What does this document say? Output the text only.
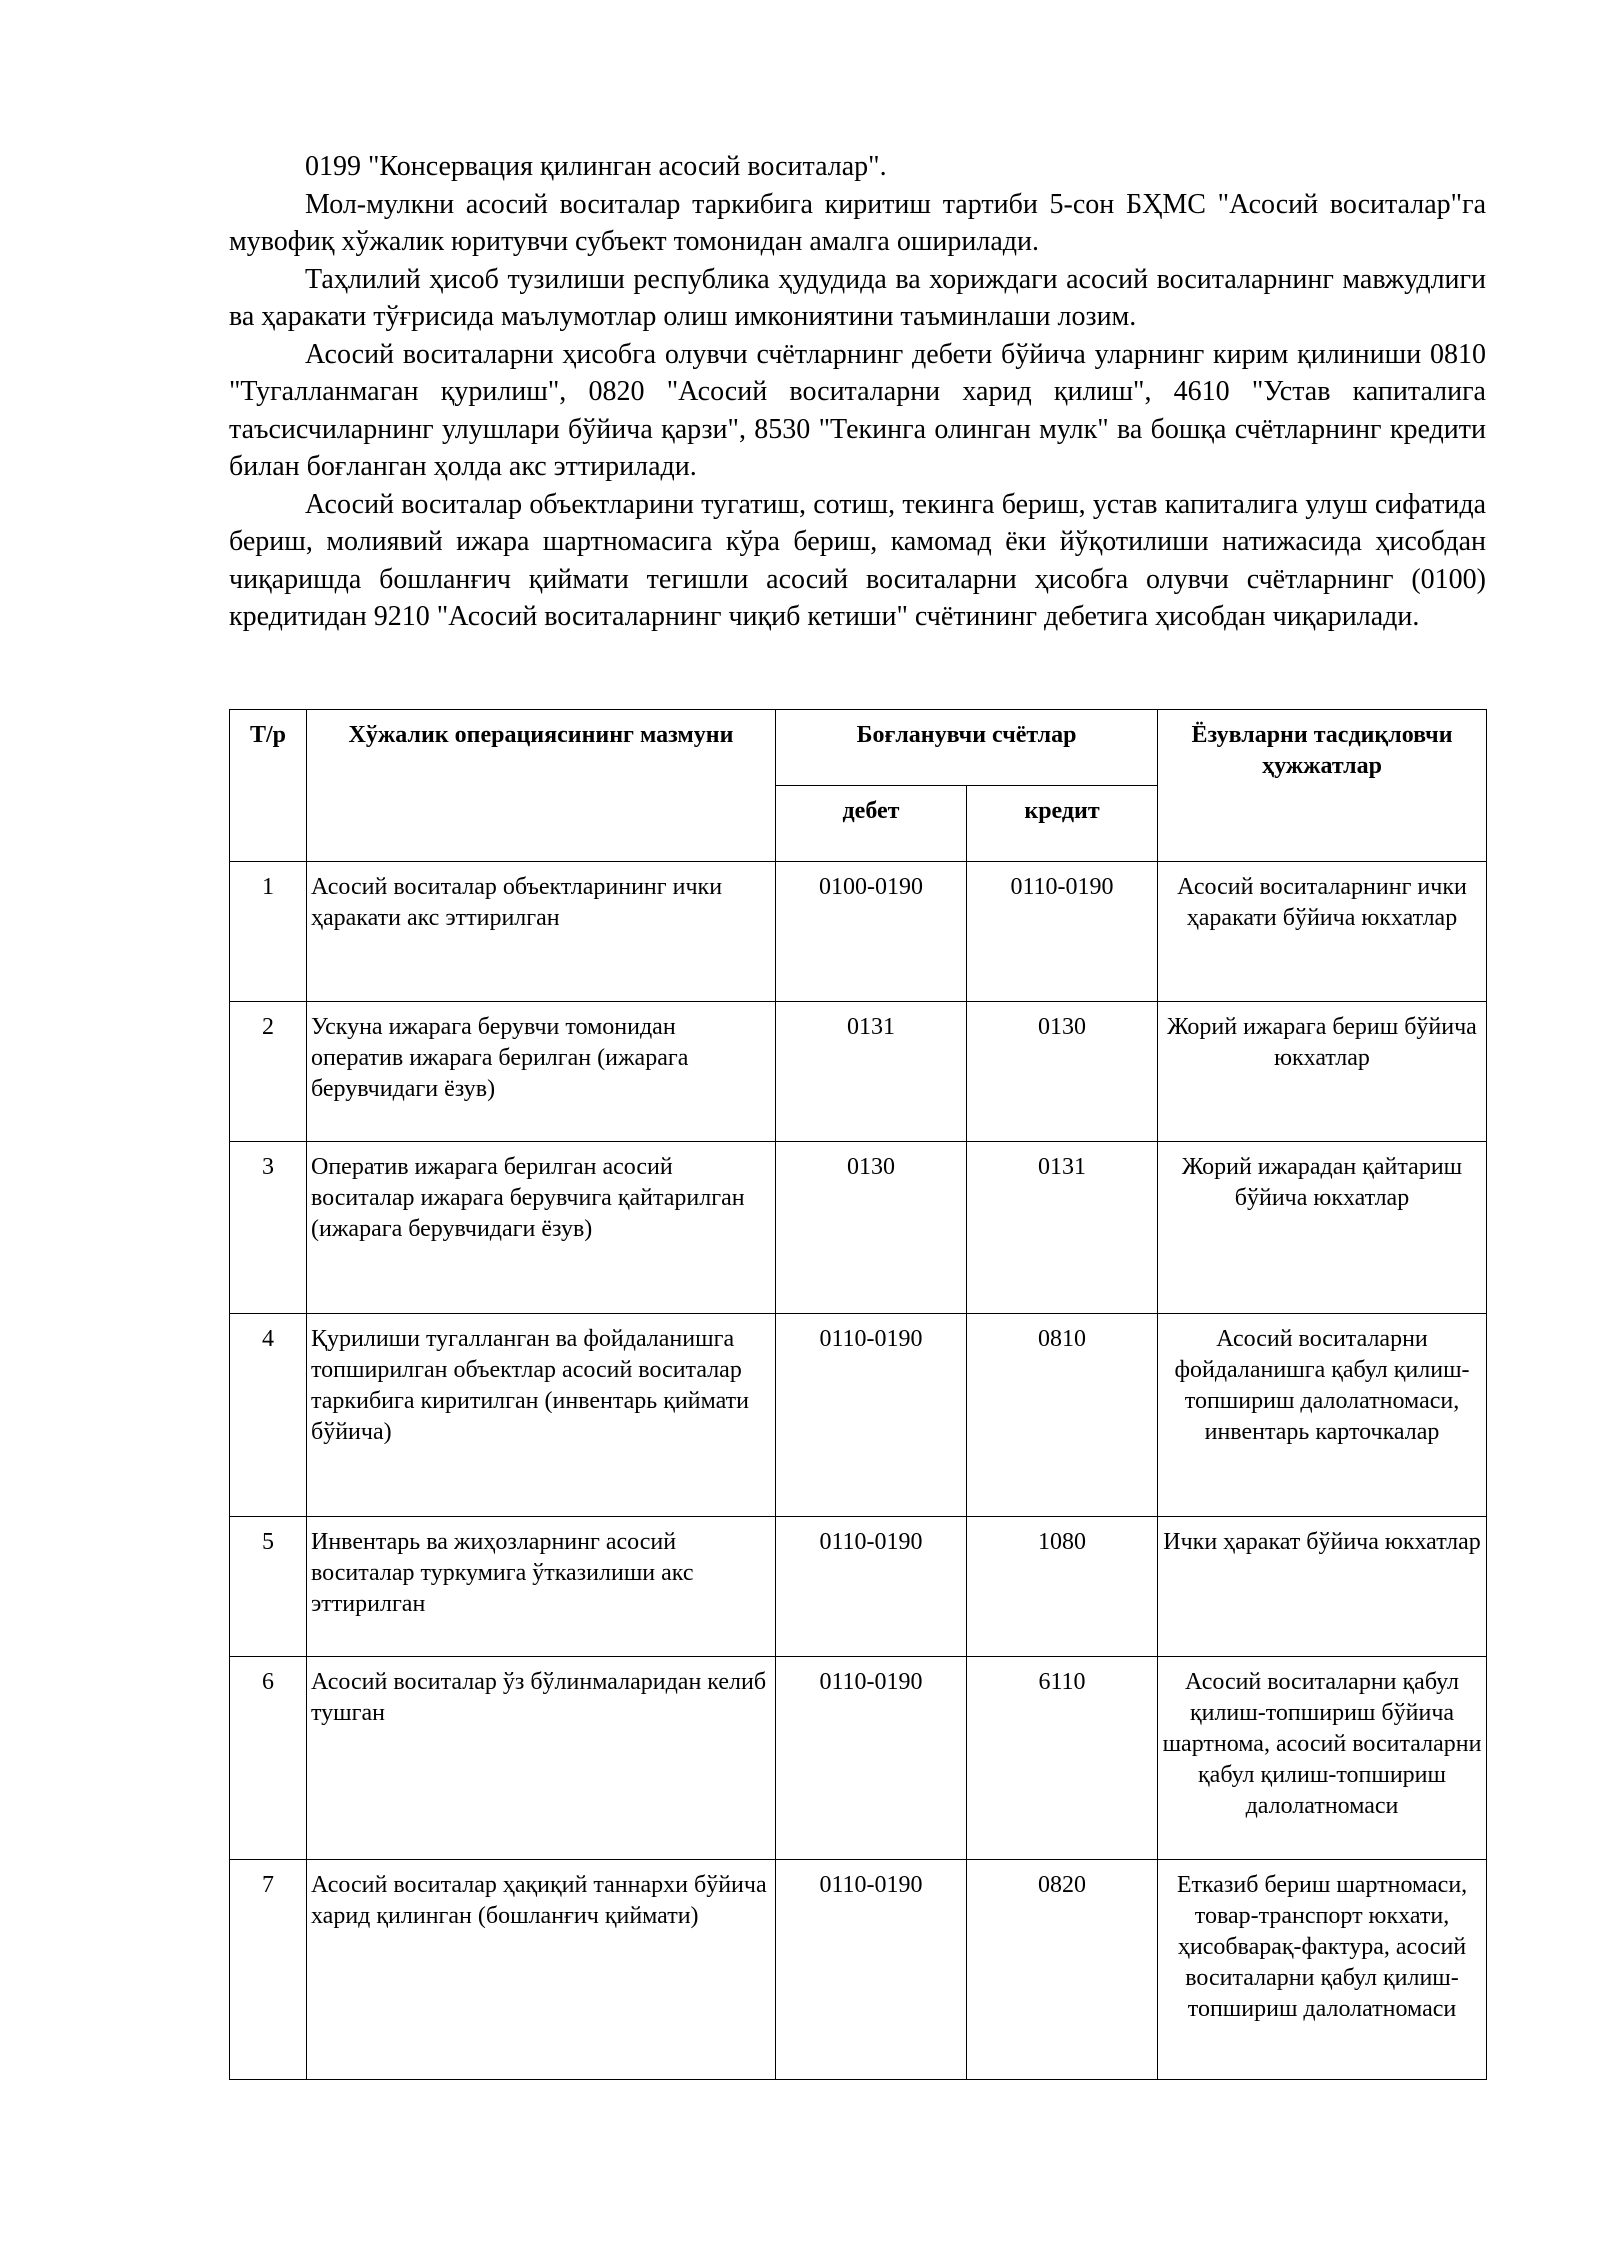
0199 "Консервация қилинган асосий воситалар".

Мол-мулкни асосий воситалар таркибига киритиш тартиби 5-сон БҲМС "Асосий воситалар"га мувофиқ хўжалик юритувчи субъект томонидан амалга оширилади.

Таҳлилий ҳисоб тузилиши республика ҳудудида ва хориждаги асосий воситаларнинг мавжудлиги ва ҳаракати тўғрисида маълумотлар олиш имкониятини таъминлаши лозим.

Асосий воситаларни ҳисобга олувчи счётларнинг дебети бўйича уларнинг кирим қилиниши 0810 "Тугалланмаган қурилиш", 0820 "Асосий воситаларни харид қилиш", 4610 "Устав капиталига таъсисчиларнинг улушлари бўйича қарзи", 8530 "Текинга олинган мулк" ва бошқа счётларнинг кредити билан боғланган ҳолда акс эттирилади.

Асосий воситалар объектларини тугатиш, сотиш, текинга бериш, устав капиталига улуш сифатида бериш, молиявий ижара шартномасига кўра бериш, камомад ёки йўқотилиши натижасида ҳисобдан чиқаришда бошланғич қиймати тегишли асосий воситаларни ҳисобга олувчи счётларнинг (0100) кредитидан 9210 "Асосий воситаларнинг чиқиб кетиши" счётининг дебетига ҳисобдан чиқарилади.

Т/р	Хўжалик операциясининг мазмуни	Боғланувчи счётлар		Ёзувларни тасдиқловчи ҳужжатлар
		дебет	кредит	
1	Асосий воситалар объектларининг ички ҳаракати акс эттирилган	0100-0190	0110-0190	Асосий воситаларнинг ички ҳаракати бўйича юкхатлар
2	Ускуна ижарага берувчи томонидан оператив ижарага берилган (ижарага берувчидаги ёзув)	0131	0130	Жорий ижарага бериш бўйича юкхатлар
3	Оператив ижарага берилган асосий воситалар ижарага берувчига қайтарилган (ижарага берувчидаги ёзув)	0130	0131	Жорий ижарадан қайтариш бўйича юкхатлар
4	Қурилиши тугалланган ва фойдаланишга топширилган объектлар асосий воситалар таркибига киритилган (инвентарь қиймати бўйича)	0110-0190	0810	Асосий воситаларни фойдаланишга қабул қилиш-топшириш далолатномаси, инвентарь карточкалар
5	Инвентарь ва жиҳозларнинг асосий воситалар туркумига ўтказилиши акс эттирилган	0110-0190	1080	Ички ҳаракат бўйича юкхатлар
6	Асосий воситалар ўз бўлинмаларидан келиб тушган	0110-0190	6110	Асосий воситаларни қабул қилиш-топшириш бўйича шартнома, асосий воситаларни қабул қилиш-топшириш далолатномаси
7	Асосий воситалар ҳақиқий таннархи бўйича харид қилинган (бошланғич қиймати)	0110-0190	0820	Етказиб бериш шартномаси, товар-транспорт юкхати, ҳисобварақ-фактура, асосий воситаларни қабул қилиш-топшириш далолатномаси
